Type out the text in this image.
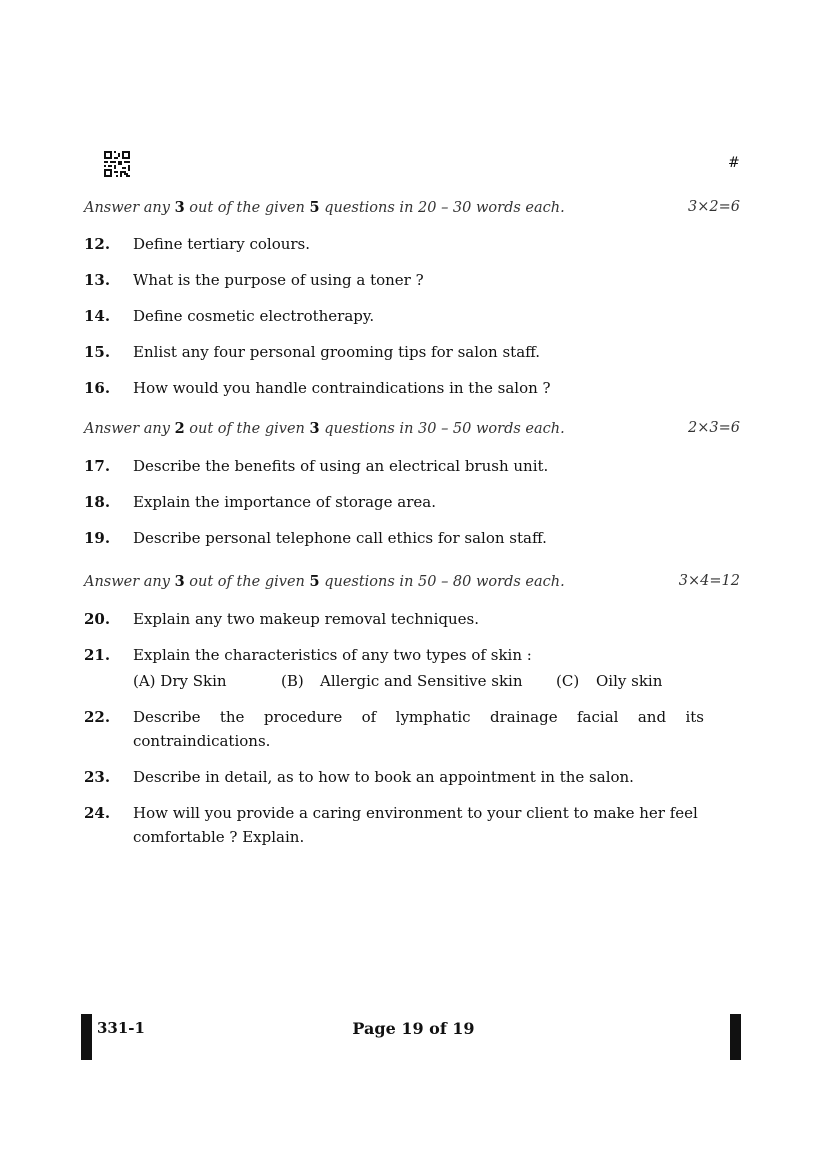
#
Answer any 3 out of the given 5 questions in 20 – 30 words each.	3×2=6
12. Define tertiary colours.
13. What is the purpose of using a toner ?
14. Define cosmetic electrotherapy.
15. Enlist any four personal grooming tips for salon staff.
16. How would you handle contraindications in the salon ?
Answer any 2 out of the given 3 questions in 30 – 50 words each.	2×3=6
17. Describe the benefits of using an electrical brush unit.
18. Explain the importance of storage area.
19. Describe personal telephone call ethics for salon staff.
Answer any 3 out of the given 5 questions in 50 – 80 words each.	3×4=12
20. Explain any two makeup removal techniques.
21. Explain the characteristics of any two types of skin :
(A) Dry Skin	(B)	Allergic and Sensitive skin	(C)	Oily skin
22. Describe the procedure of lymphatic drainage facial and its contraindications.
23. Describe in detail, as to how to book an appointment in the salon.
24. How will you provide a caring environment to your client to make her feel comfortable ? Explain.
331-1	Page 19 of 19
